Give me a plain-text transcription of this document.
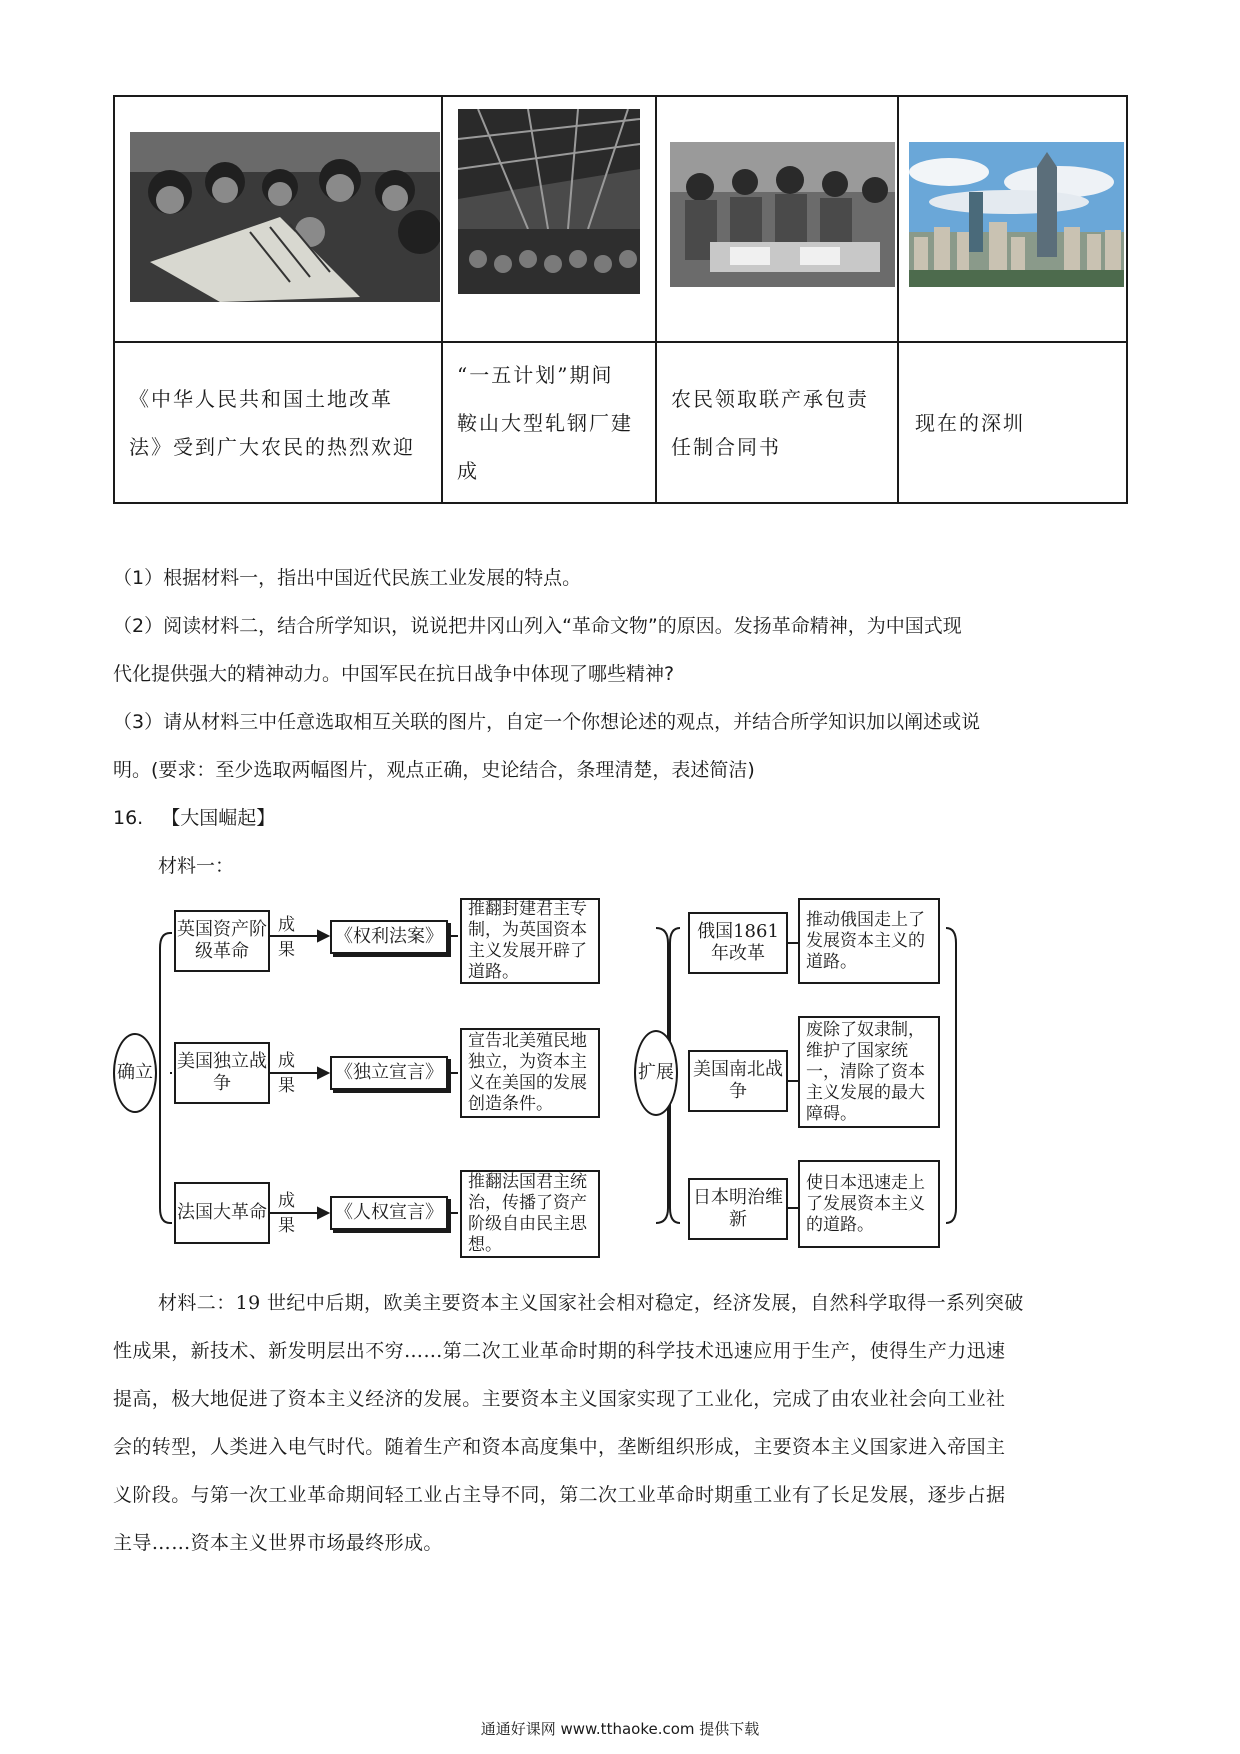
《中华人民共和国土地改革
法》受到广大农民的热烈欢迎
“一五计划”期间
鞍山大型轧钢厂建
成
农民领取联产承包责
任制合同书
现在的深圳
（1）根据材料一，指出中国近代民族工业发展的特点。
（2）阅读材料二，结合所学知识，说说把井冈山列入“革命文物”的原因。发扬革命精神，为中国式现
代化提供强大的精神动力。中国军民在抗日战争中体现了哪些精神?
（3）请从材料三中任意选取相互关联的图片，自定一个你想论述的观点，并结合所学知识加以阐述或说
明。(要求：至少选取两幅图片，观点正确，史论结合，条理清楚，表述简洁)
16. 【大国崛起】
材料一：
确立	扩展
英国资产阶级革命
成果
《权利法案》
推翻封建君主专制，为英国资本主义发展开辟了道路。
美国独立战争
成果
《独立宣言》
宣告北美殖民地独立，为资本主义在美国的发展创造条件。
法国大革命
成果
《人权宣言》
推翻法国君主统治，传播了资产阶级自由民主思想。
俄国1861年改革
推动俄国走上了发展资本主义的道路。
美国南北战争
废除了奴隶制，维护了国家统一，清除了资本主义发展的最大障碍。
日本明治维新
使日本迅速走上了发展资本主义的道路。
材料二：19 世纪中后期，欧美主要资本主义国家社会相对稳定，经济发展，自然科学取得一系列突破
性成果，新技术、新发明层出不穷……第二次工业革命时期的科学技术迅速应用于生产，使得生产力迅速
提高，极大地促进了资本主义经济的发展。主要资本主义国家实现了工业化，完成了由农业社会向工业社
会的转型，人类进入电气时代。随着生产和资本高度集中，垄断组织形成，主要资本主义国家进入帝国主
义阶段。与第一次工业革命期间轻工业占主导不同，第二次工业革命时期重工业有了长足发展，逐步占据
主导……资本主义世界市场最终形成。
通通好课网 www.tthaoke.com 提供下载
